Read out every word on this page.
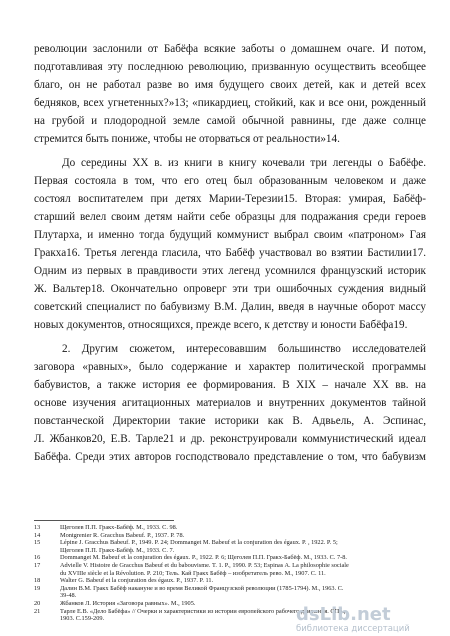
революции заслонили от Бабёфа всякие заботы о домашнем очаге. И потом,
подготавливая эту последнюю революцию, призванную осуществить всеобщее
благо, он не работал разве во имя будущего своих детей, как и детей всех
бедняков, всех угнетенных?»13; «пикардиец, стойкий, как и все они, рожденный
на грубой и плодородной земле самой обычной равнины, где даже солнце
стремится быть пониже, чтобы не оторваться от реальности»14.
До середины XX в. из книги в книгу кочевали три легенды о Бабёфе.
Первая состояла в том, что его отец был образованным человеком и даже
состоял воспитателем при детях Марии-Терезии15. Вторая: умирая, Бабёф-
старший велел своим детям найти себе образцы для подражания среди героев
Плутарха, и именно тогда будущий коммунист выбрал своим «патроном» Гая
Гракха16. Третья легенда гласила, что Бабёф участвовал во взятии Бастилии17.
Одним из первых в правдивости этих легенд усомнился французский историк
Ж. Вальтер18. Окончательно опроверг эти три ошибочных суждения видный
советский специалист по бабувизму В.М. Далин, введя в научные оборот массу
новых документов, относящихся, прежде всего, к детству и юности Бабёфа19.
2. Другим сюжетом, интересовавшим большинство исследователей
заговора «равных», было содержание и характер политической программы
бабувистов, а также история ее формирования. В XIX – начале XX вв. на
основе изучения агитационных материалов и внутренних документов тайной
повстанческой Директории такие историки как В. Адвьель, А. Эспинас,
Л. Жбанков20, Е.В. Тарле21 и др. реконструировали коммунистический идеал
Бабёфа. Среди этих авторов господствовало представление о том, что бабувизм
13	Щеголев П.П. Гракх-Бабёф. М., 1933. С. 98.
14	Montgrenier R. Gracchus Babeuf. P., 1937. P. 78.
15	Lépine J. Gracchus Babeuf. P., 1949. P. 24; Dommanget M. Babeuf et la conjuration des égaux. P. , 1922. P. 5;
Щеголев П.П. Гракх-Бабёф. М., 1933. С. 7.
16	Dommanget M. Babeuf et la conjuration des égaux. P., 1922. P. 6; Щеголев П.П. Гракх-Бабёф. М., 1933. С. 7-8.
17	Advielle V. Histoire de Gracchus Babeuf et du babouvisme. T. 1. P., 1990. P. 53; Espinas A. La philosophie sociale
du XVIIIe siècle et la Révolution. P. 210; Тель. Кай Гракх Бабёф – изобретатель рево. М., 1907. С. 11.
18	Walter G. Babeuf et la conjuration des égaux. P., 1937. P. 11.
19	Далин В.М. Гракх Бабёф накануне и во время Великой Французской революции (1785-1794). М., 1963. С.
39-48.
20	Жбанков Л. История «Заговора равных». М., 1905.
21	Тарле Е.В. «Дело Бабёфа» // Очерки и характеристики из истории европейского рабочего движения. СПб.,
1903. С.159-209.	dsLib.net
библиотека диссертаций
